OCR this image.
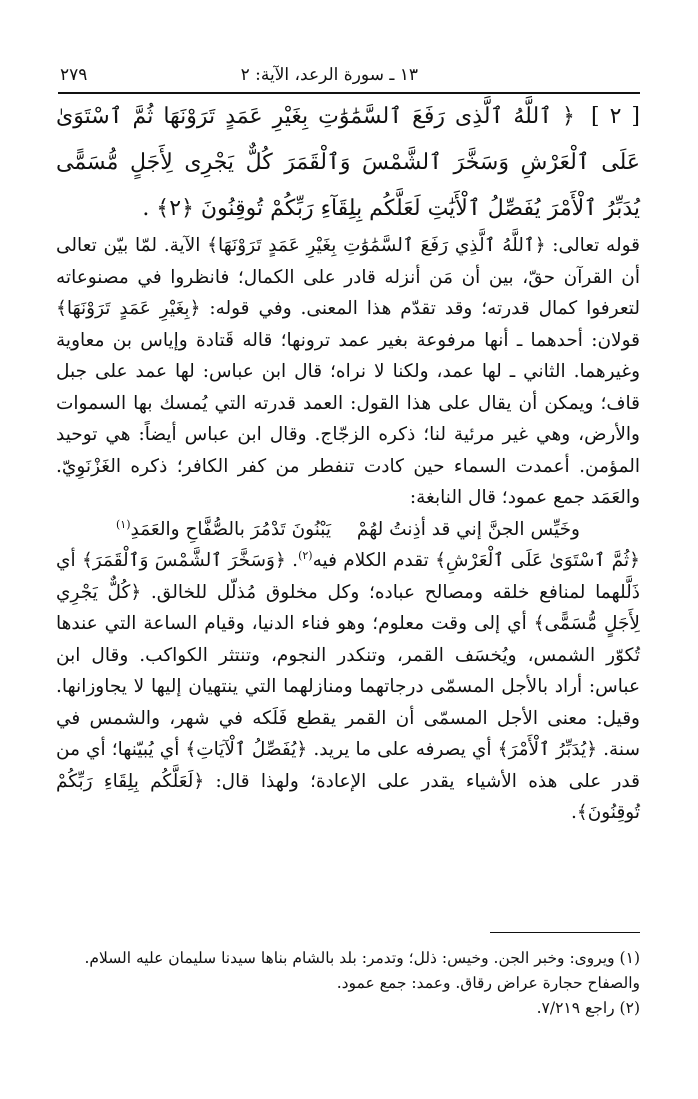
١٣ ـ سورة الرعد، الآية: ٢
٢٧٩
[ ٢ ] ﴿ ٱللَّهُ ٱلَّذِى رَفَعَ ٱلسَّمَٰوَٰتِ بِغَيْرِ عَمَدٍ تَرَوْنَهَا ثُمَّ ٱسْتَوَىٰ عَلَى ٱلْعَرْشِ وَسَخَّرَ ٱلشَّمْسَ وَٱلْقَمَرَ كُلٌّ يَجْرِى لِأَجَلٍ مُّسَمًّى يُدَبِّرُ ٱلْأَمْرَ يُفَصِّلُ ٱلْأَيَٰتِ لَعَلَّكُم بِلِقَآءِ رَبِّكُمْ تُوقِنُونَ ﴿٢﴾ .

قوله تعالى: ﴿ٱللَّهُ ٱلَّذِي رَفَعَ ٱلسَّمَٰوَٰتِ بِغَيْرِ عَمَدٍ تَرَوْنَهَا﴾ الآية. لمّا بيّن تعالى أن القرآن حقّ، بين أن مَن أنزله قادر على الكمال؛ فانظروا في مصنوعاته لتعرفوا كمال قدرته؛ وقد تقدّم هذا المعنى. وفي قوله: ﴿بِغَيْرِ عَمَدٍ تَرَوْنَهَا﴾ قولان: أحدهما ـ أنها مرفوعة بغير عمد ترونها؛ قاله قَتادة وإياس بن معاوية وغيرهما. الثاني ـ لها عمد، ولكنا لا نراه؛ قال ابن عباس: لها عمد على جبل قاف؛ ويمكن أن يقال على هذا القول: العمد قدرته التي يُمسك بها السموات والأرض، وهي غير مرئية لنا؛ ذكره الزجّاج. وقال ابن عباس أيضاً: هي توحيد المؤمن. أعمدت السماء حين كادت تنفطر من كفر الكافر؛ ذكره الغَزْنَوِيّ. والعَمَد جمع عمود؛ قال النابغة:

وخَيِّس الجنَّ إني قد أذِنتُ لهُمْ
يَبْنُونَ تَدْمُرَ بالصُّفَّاحِ والعَمَدِ$^{(١)}$

﴿ثُمَّ ٱسْتَوَىٰ عَلَى ٱلْعَرْشِ﴾ تقدم الكلام فيه$^{(٢)}$. ﴿وَسَخَّرَ ٱلشَّمْسَ وَٱلْقَمَرَ﴾ أي ذَلَّلهما لمنافع خلقه ومصالح عباده؛ وكل مخلوق مُذلّل للخالق. ﴿كُلٌّ يَجْرِي لِأَجَلٍ مُّسَمًّى﴾ أي إلى وقت معلوم؛ وهو فناء الدنيا، وقيام الساعة التي عندها تُكوّر الشمس، ويُخسَف القمر، وتنكدر النجوم، وتنتثر الكواكب. وقال ابن عباس: أراد بالأجل المسمّى درجاتهما ومنازلهما التي ينتهيان إليها لا يجاوزانها. وقيل: معنى الأجل المسمّى أن القمر يقطع فَلَكه في شهر، والشمس في سنة. ﴿يُدَبِّرُ ٱلْأَمْرَ﴾ أي يصرفه على ما يريد. ﴿يُفَصِّلُ ٱلْآيَاتِ﴾ أي يُبيّنها؛ أي من قدر على هذه الأشياء يقدر على الإعادة؛ ولهذا قال: ﴿لَعَلَّكُم بِلِقَاءِ رَبِّكُمْ تُوقِنُونَ﴾.

(١) ويروى: وخبر الجن. وخيس: ذلل؛ وتدمر: بلد بالشام بناها سيدنا سليمان عليه السلام.

والصفاح حجارة عراض رقاق. وعمد: جمع عمود.

(٢) راجع ٧/٢١٩.
